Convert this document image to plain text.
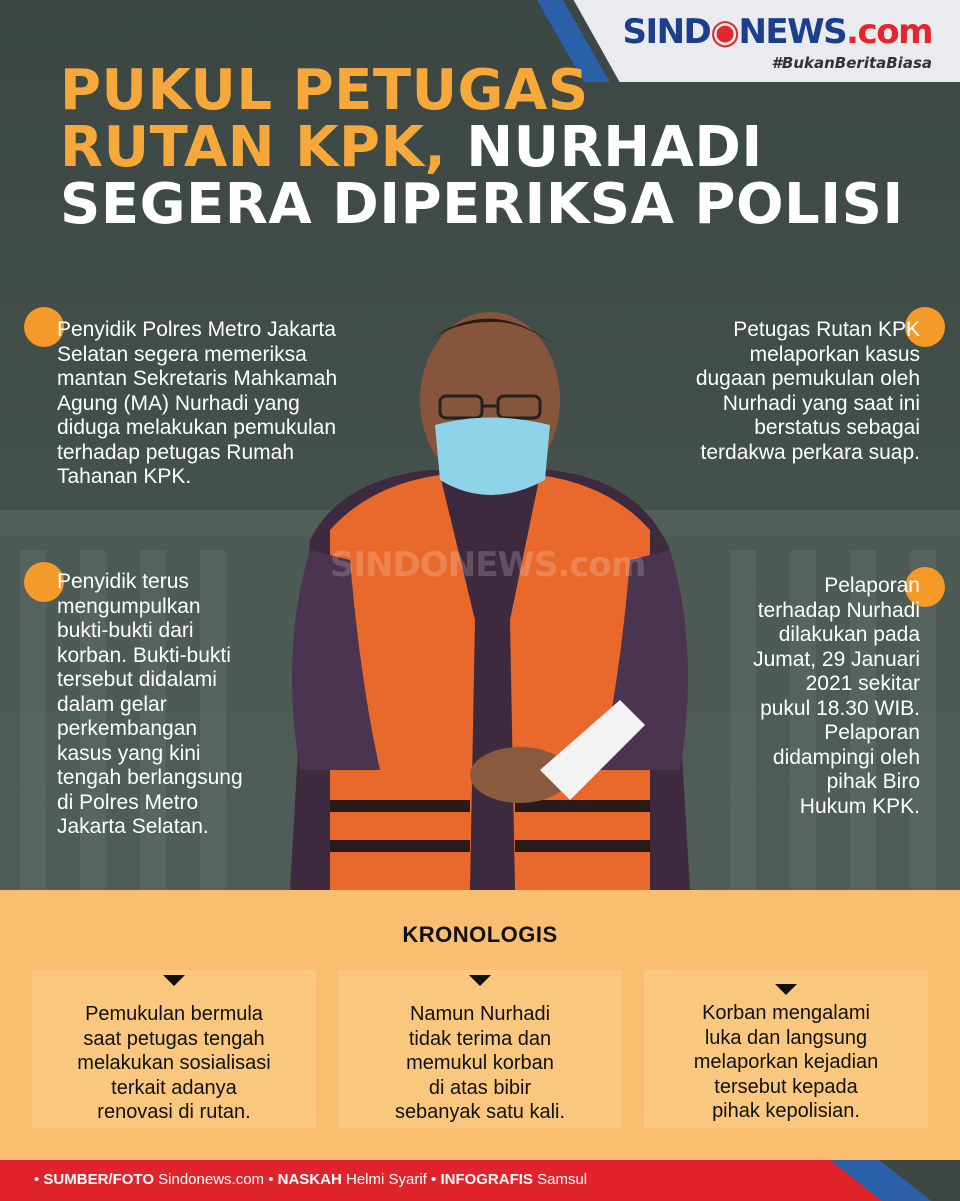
SIND◉NEWS.com
#BukanBeritaBiasa
PUKUL PETUGAS
RUTAN KPK, NURHADI
SEGERA DIPERIKSA POLISI
SINDONEWS.com
Penyidik Polres Metro Jakarta
Selatan segera memeriksa
mantan Sekretaris Mahkamah
Agung (MA) Nurhadi yang
diduga melakukan pemukulan
terhadap petugas Rumah
Tahanan KPK.
Petugas Rutan KPK
melaporkan kasus
dugaan pemukulan oleh
Nurhadi yang saat ini
berstatus sebagai
terdakwa perkara suap.
Penyidik terus
mengumpulkan
bukti-bukti dari
korban. Bukti-bukti
tersebut didalami
dalam gelar
perkembangan
kasus yang kini
tengah berlangsung
di Polres Metro
Jakarta Selatan.
Pelaporan
terhadap Nurhadi
dilakukan pada
Jumat, 29 Januari
2021 sekitar
pukul 18.30 WIB.
Pelaporan
didampingi oleh
pihak Biro
Hukum KPK.
KRONOLOGIS
Pemukulan bermula
saat petugas tengah
melakukan sosialisasi
terkait adanya
renovasi di rutan.
Namun Nurhadi
tidak terima dan
memukul korban
di atas bibir
sebanyak satu kali.
Korban mengalami
luka dan langsung
melaporkan kejadian
tersebut kepada
pihak kepolisian.
• SUMBER/FOTO Sindonews.com • NASKAH Helmi Syarif • INFOGRAFIS Samsul
